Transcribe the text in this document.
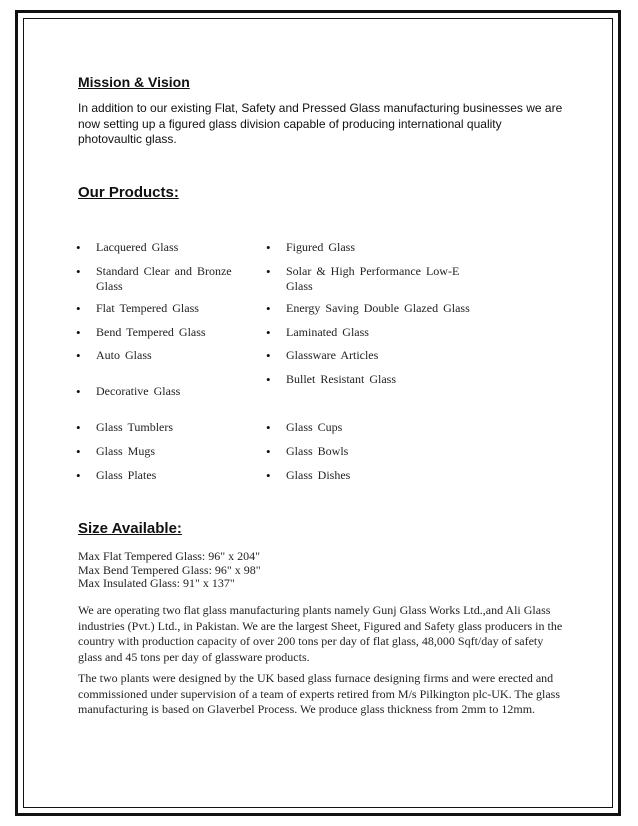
Mission & Vision

In addition to our existing Flat, Safety and Pressed Glass manufacturing businesses we are now setting up a figured glass division capable of producing international quality photovaultic glass.

Our Products:
• Lacquered Glass
• Standard Clear and Bronze Glass
• Flat Tempered Glass
• Bend Tempered Glass
• Auto Glass
• Decorative Glass
• Glass Tumblers
• Glass Mugs
• Glass Plates
• Figured Glass
• Solar & High Performance Low-E Glass
• Energy Saving Double Glazed Glass
• Laminated Glass
• Glassware Articles
• Bullet Resistant Glass
• Glass Cups
• Glass Bowls
• Glass Dishes
Size Available:
Max Flat Tempered Glass: 96" x 204"
Max Bend Tempered Glass: 96" x 98"
Max Insulated Glass: 91" x 137"

We are operating two flat glass manufacturing plants namely Gunj Glass Works Ltd.,and Ali Glass industries (Pvt.) Ltd., in Pakistan. We are the largest Sheet, Figured and Safety glass producers in the country with production capacity of over 200 tons per day of flat glass, 48,000 Sqft/day of safety glass and 45 tons per day of glassware products.

The two plants were designed by the UK based glass furnace designing firms and were erected and commissioned under supervision of a team of experts retired from M/s Pilkington plc-UK. The glass manufacturing is based on Glaverbel Process. We produce glass thickness from 2mm to 12mm.
